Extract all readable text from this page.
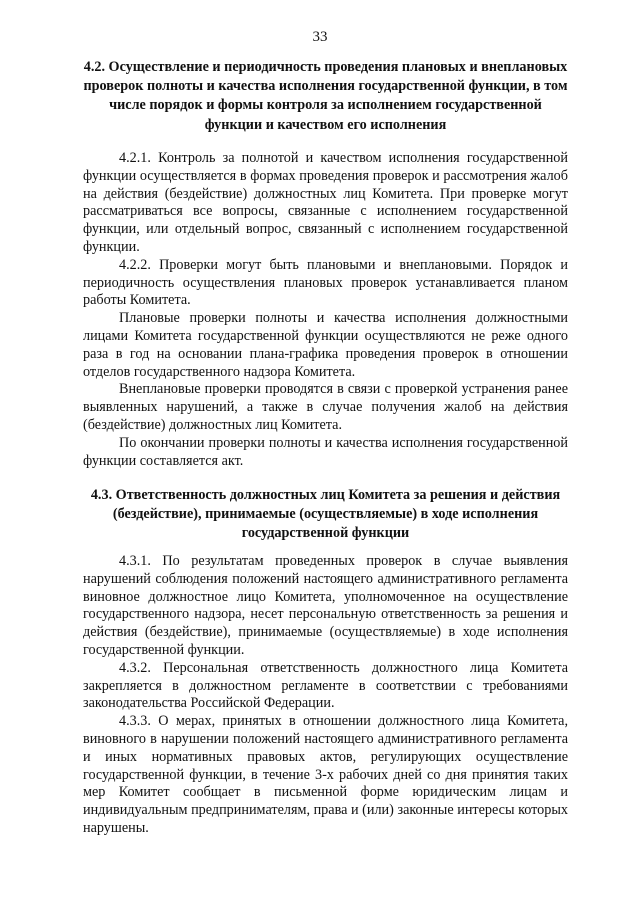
33
4.2. Осуществление и периодичность проведения плановых и внеплановых
проверок полноты и качества исполнения государственной функции, в том
числе порядок и формы контроля за исполнением государственной
функции и качеством его исполнения

4.2.1. Контроль за полнотой и качеством исполнения государственной функции осуществляется в формах проведения проверок и рассмотрения жалоб на действия (бездействие) должностных лиц Комитета. При проверке могут рассматриваться все вопросы, связанные с исполнением государственной функции, или отдельный вопрос, связанный с исполнением государственной функции.

4.2.2. Проверки могут быть плановыми и внеплановыми. Порядок и периодичность осуществления плановых проверок устанавливается планом работы Комитета.

Плановые проверки полноты и качества исполнения должностными лицами Комитета государственной функции осуществляются не реже одного раза в год на основании плана-графика проведения проверок в отношении отделов государственного надзора Комитета.

Внеплановые проверки проводятся в связи с проверкой устранения ранее выявленных нарушений, а также в случае получения жалоб на действия (бездействие) должностных лиц Комитета.

По окончании проверки полноты и качества исполнения государственной функции составляется акт.

4.3. Ответственность должностных лиц Комитета за решения и действия
(бездействие), принимаемые (осуществляемые) в ходе исполнения
государственной функции

4.3.1. По результатам проведенных проверок в случае выявления нарушений соблюдения положений настоящего административного регламента виновное должностное лицо Комитета, уполномоченное на осуществление государственного надзора, несет персональную ответственность за решения и действия (бездействие), принимаемые (осуществляемые) в ходе исполнения государственной функции.

4.3.2. Персональная ответственность должностного лица Комитета закрепляется в должностном регламенте в соответствии с требованиями законодательства Российской Федерации.

4.3.3. О мерах, принятых в отношении должностного лица Комитета, виновного в нарушении положений настоящего административного регламента и иных нормативных правовых актов, регулирующих осуществление государственной функции, в течение 3-х рабочих дней со дня принятия таких мер Комитет сообщает в письменной форме юридическим лицам и индивидуальным предпринимателям, права и (или) законные интересы которых нарушены.
